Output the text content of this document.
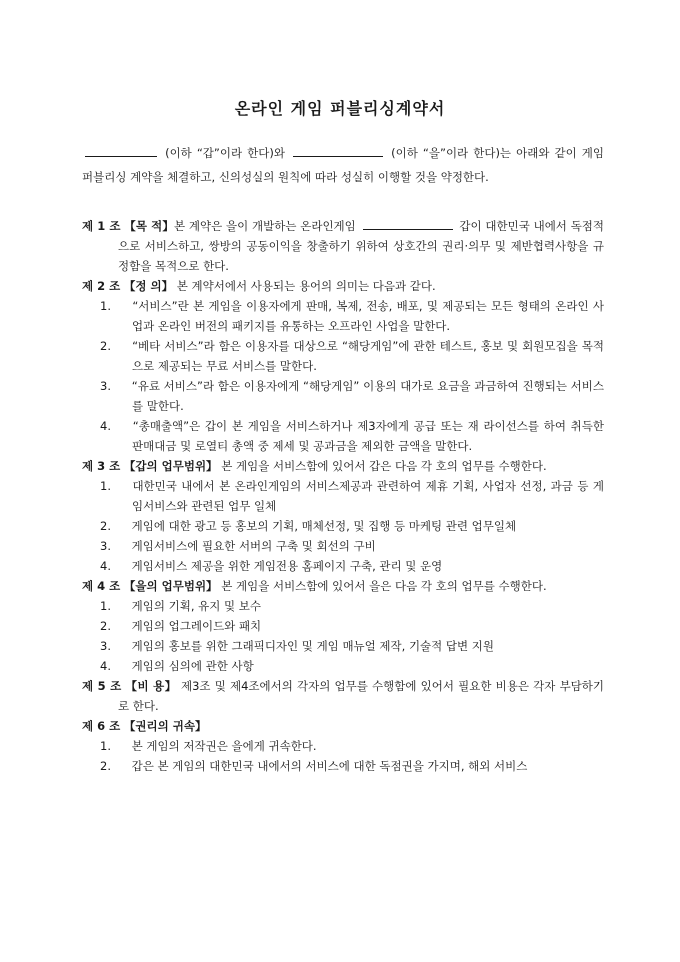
온라인 게임 퍼블리싱계약서
(이하 “갑”이라 한다)와	(이하 “을”이라 한다)는 아래와 같이 게임 퍼블리싱 계약을 체결하고, 신의성실의 원칙에 따라 성실히 이행할 것을 약정한다.
제 1 조 【목 적】본 계약은 을이 개발하는 온라인게임	갑이 대한민국 내에서 독점적으로 서비스하고, 쌍방의 공동이익을 창출하기 위하여 상호간의 권리·의무 및 제반협력사항을 규정함을 목적으로 한다.
제 2 조 【정 의】 본 계약서에서 사용되는 용어의 의미는 다음과 같다.
1. “서비스”란 본 게임을 이용자에게 판매, 복제, 전송, 배포, 및 제공되는 모든 형태의 온라인 사업과 온라인 버전의 패키지를 유통하는 오프라인 사업을 말한다.
2. “베타 서비스”라 함은 이용자를 대상으로 “해당게임”에 관한 테스트, 홍보 및 회원모집을 목적으로 제공되는 무료 서비스를 말한다.
3. “유료 서비스”라 함은 이용자에게 “해당게임” 이용의 대가로 요금을 과금하여 진행되는 서비스를 말한다.
4. “총매출액”은 갑이 본 게임을 서비스하거나 제3자에게 공급 또는 재 라이선스를 하여 취득한 판매대금 및 로열티 총액 중 제세 및 공과금을 제외한 금액을 말한다.
제 3 조 【갑의 업무범위】 본 게임을 서비스함에 있어서 갑은 다음 각 호의 업무를 수행한다.
1. 대한민국 내에서 본 온라인게임의 서비스제공과 관련하여 제휴 기획, 사업자 선정, 과금 등 게임서비스와 관련된 업무 일체
2. 게임에 대한 광고 등 홍보의 기획, 매체선정, 및 집행 등 마케팅 관련 업무일체
3. 게임서비스에 필요한 서버의 구축 및 회선의 구비
4. 게임서비스 제공을 위한 게임전용 홈페이지 구축, 관리 및 운영
제 4 조 【을의 업무범위】 본 게임을 서비스함에 있어서 을은 다음 각 호의 업무를 수행한다.
1. 게임의 기획, 유지 및 보수
2. 게임의 업그레이드와 패치
3. 게임의 홍보를 위한 그래픽디자인 및 게임 매뉴얼 제작, 기술적 답변 지원
4. 게임의 심의에 관한 사항
제 5 조 【비 용】 제3조 및 제4조에서의 각자의 업무를 수행함에 있어서 필요한 비용은 각자 부담하기로 한다.
제 6 조 【권리의 귀속】
1. 본 게임의 저작권은 을에게 귀속한다.
2. 갑은 본 게임의 대한민국 내에서의 서비스에 대한 독점권을 가지며, 해외 서비스
